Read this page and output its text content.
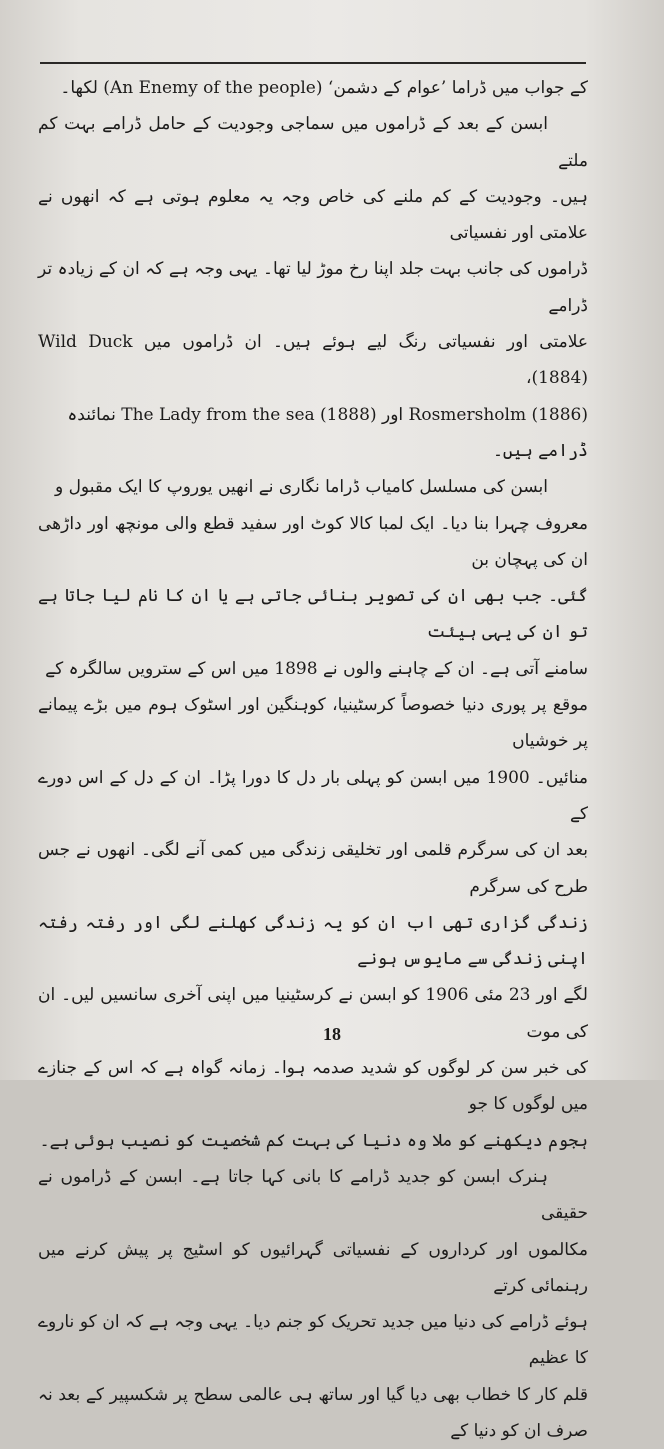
کے جواب میں ڈراما ’عوام کے دشمن‘ (An Enemy of the people) لکھا۔

ابسن کے بعد کے ڈراموں میں سماجی وجودیت کے حامل ڈرامے بہت کم ملتے

ہیں۔ وجودیت کے کم ملنے کی خاص وجہ یہ معلوم ہوتی ہے کہ انھوں نے علامتی اور نفسیاتی

ڈراموں کی جانب بہت جلد اپنا رخ موڑ لیا تھا۔ یہی وجہ ہے کہ ان کے زیادہ تر ڈرامے

علامتی اور نفسیاتی رنگ لیے ہوئے ہیں۔ ان ڈراموں میں Wild Duck (1884)،

Rosmersholm (1886) اور The Lady from the sea (1888) نمائندہ

ڈرامے ہیں۔

ابسن کی مسلسل کامیاب ڈراما نگاری نے انھیں یوروپ کا ایک مقبول و

معروف چہرا بنا دیا۔ ایک لمبا کالا کوٹ اور سفید قطع والی مونچھ اور داڑھی ان کی پہچان بن

گئی۔ جب بھی ان کی تصویر بنائی جاتی ہے یا ان کا نام لیا جاتا ہے تو ان کی یہی ہیئت

سامنے آتی ہے۔ ان کے چاہنے والوں نے 1898 میں اس کے سترویں سالگرہ کے

موقع پر پوری دنیا خصوصاً کرسٹینیا، کوہنگین اور اسٹوک ہوم میں بڑے پیمانے پر خوشیاں

منائیں۔ 1900 میں ابسن کو پہلی بار دل کا دورا پڑا۔ ان کے دل کے اس دورے کے

بعد ان کی سرگرم قلمی اور تخلیقی زندگی میں کمی آنے لگی۔ انھوں نے جس طرح کی سرگرم

زندگی گزاری تھی اب ان کو یہ زندگی کھلنے لگی اور رفتہ رفتہ اپنی زندگی سے مایوس ہونے

لگے اور 23 مئی 1906 کو ابسن نے کرسٹینیا میں اپنی آخری سانسیں لیں۔ ان کی موت

کی خبر سن کر لوگوں کو شدید صدمہ ہوا۔ زمانہ گواہ ہے کہ اس کے جنازے میں لوگوں کا جو

ہجوم دیکھنے کو ملا وہ دنیا کی بہت کم شخصیت کو نصیب ہوئی ہے۔

ہنرک ابسن کو جدید ڈرامے کا بانی کہا جاتا ہے۔ ابسن کے ڈراموں نے حقیقی

مکالموں اور کرداروں کے نفسیاتی گہرائیوں کو اسٹیج پر پیش کرنے میں رہنمائی کرتے

ہوئے ڈرامے کی دنیا میں جدید تحریک کو جنم دیا۔ یہی وجہ ہے کہ ان کو ناروے کا عظیم

قلم کار کا خطاب بھی دیا گیا اور ساتھ ہی عالمی سطح پر شکسپیر کے بعد نہ صرف ان کو دنیا کے

18
